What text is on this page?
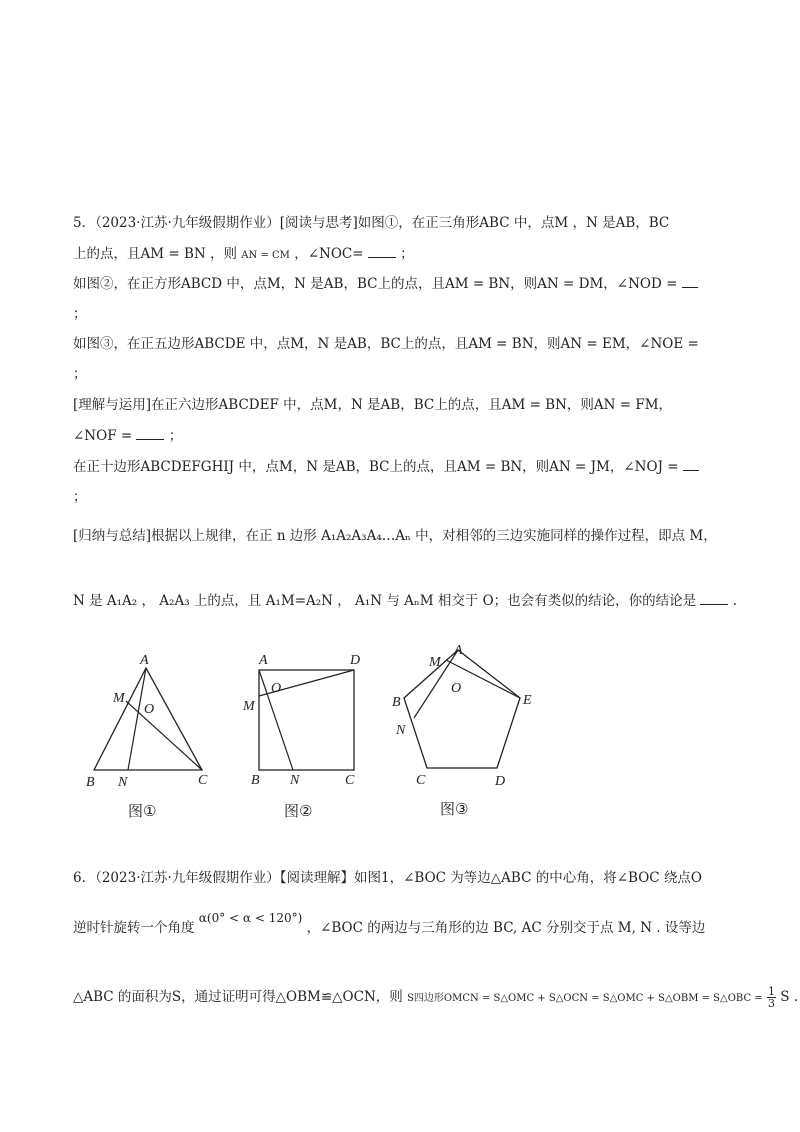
5．（2023·江苏·九年级假期作业）[阅读与思考]如图①，在正三角形ABC 中，点M ，N 是AB，BC
上的点，且AM = BN ，则 AN = CM ，∠NOC=	；
如图②，在正方形ABCD 中，点M，N 是AB，BC上的点，且AM = BN，则AN = DM，∠NOD =
；
如图③，在正五边形ABCDE 中，点M，N 是AB，BC上的点，且AM = BN，则AN = EM，∠NOE =
；
[理解与运用]在正六边形ABCDEF 中，点M，N 是AB，BC上的点，且AM = BN，则AN = FM，
∠NOF =	；
在正十边形ABCDEFGHIJ 中，点M，N 是AB，BC上的点，且AM = BN，则AN = JM，∠NOJ =
；
[归纳与总结]根据以上规律，在正 n 边形 A₁A₂A₃A₄…Aₙ 中，对相邻的三边实施同样的操作过程，即点 M，
N 是 A₁A₂ ， A₂A₃ 上的点，且 A₁M=A₂N ， A₁N 与 AₙM 相交于 O；也会有类似的结论，你的结论是	.
A
M
O
B N	C
图①
A	D
O
M
B N	C
图②
M
A
O
B	E
N
C	D
图③
6．（2023·江苏·九年级假期作业）【阅读理解】如图1，∠BOC 为等边△ABC 的中心角，将∠BOC 绕点O
逆时针旋转一个角度 α(0° < α < 120°) ，∠BOC 的两边与三角形的边 BC, AC 分别交于点 M, N . 设等边
△ABC 的面积为S，通过证明可得△OBM≌△OCN，则 S四边形OMCN = S△OMC + S△OCN = S△OMC + S△OBM = S△OBC = $\frac{1}{3}$ S .
